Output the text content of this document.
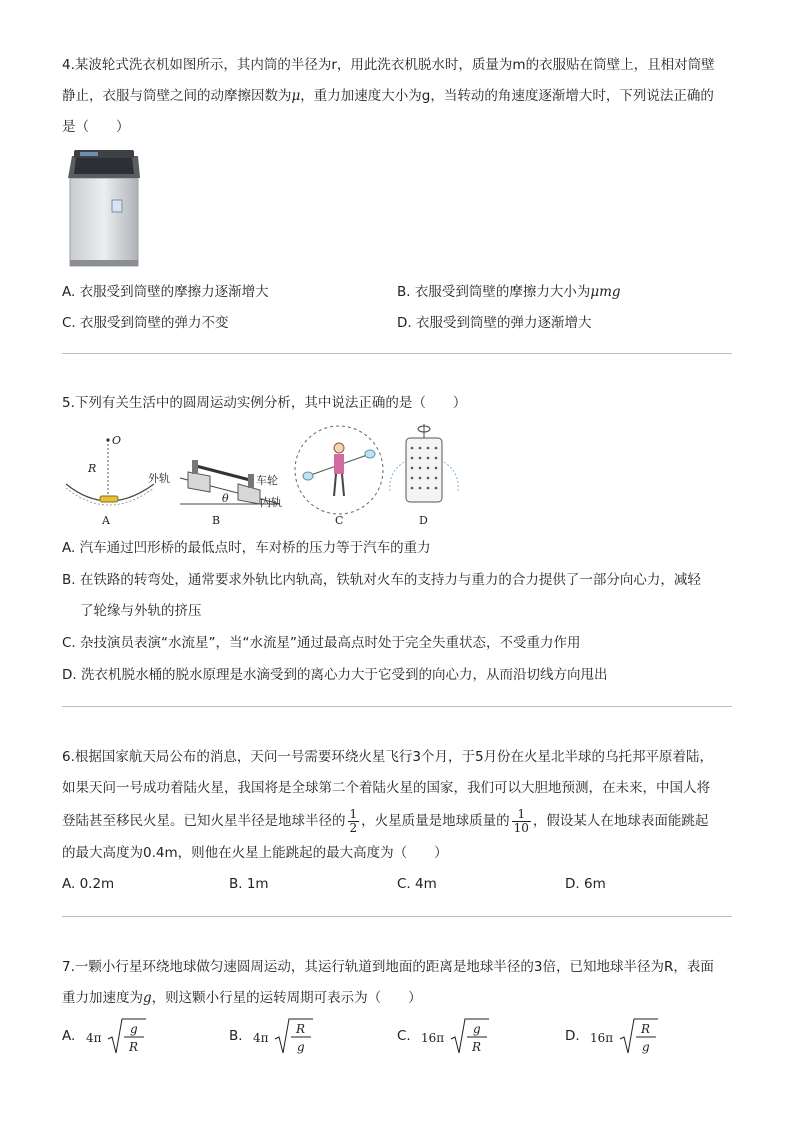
4.某波轮式洗衣机如图所示，其内筒的半径为r，用此洗衣机脱水时，质量为m的衣服贴在筒壁上，且相对筒壁
静止，衣服与筒壁之间的动摩擦因数为μ，重力加速度大小为g，当转动的角速度逐渐增大时，下列说法正确的
是（　　）
A. 衣服受到筒壁的摩擦力逐渐增大	B. 衣服受到筒壁的摩擦力大小为μmg
C. 衣服受到筒壁的弹力不变	D. 衣服受到筒壁的弹力逐渐增大
5.下列有关生活中的圆周运动实例分析，其中说法正确的是（　　）
O
R
A
外轨	车轮
内轨
θ
B	C	D
A. 汽车通过凹形桥的最低点时，车对桥的压力等于汽车的重力
B. 在铁路的转弯处，通常要求外轨比内轨高，铁轨对火车的支持力与重力的合力提供了一部分向心力，减轻
了轮缘与外轨的挤压
C. 杂技演员表演“水流星”，当“水流星”通过最高点时处于完全失重状态，不受重力作用
D. 洗衣机脱水桶的脱水原理是水滴受到的离心力大于它受到的向心力，从而沿切线方向甩出
6.根据国家航天局公布的消息，天问一号需要环绕火星飞行3个月，于5月份在火星北半球的乌托邦平原着陆，
如果天问一号成功着陆火星，我国将是全球第二个着陆火星的国家，我们可以大胆地预测，在未来，中国人将
登陆甚至移民火星。已知火星半径是地球半径的 $\frac{1}{2}$ ，火星质量是地球质量的 $\frac{1}{10}$ ，假设某人在地球表面能跳起
的最大高度为0.4m，则他在火星上能跳起的最大高度为（　　）
A. 0.2m	B. 1m	C. 4m	D. 6m
7.一颗小行星环绕地球做匀速圆周运动，其运行轨道到地面的距离是地球半径的3倍，已知地球半径为R，表面
重力加速度为g，则这颗小行星的运转周期可表示为（　　）
A. 4π
g
R
B. 4π
R
g
C. 16π
g
R
D. 16π
R
g
